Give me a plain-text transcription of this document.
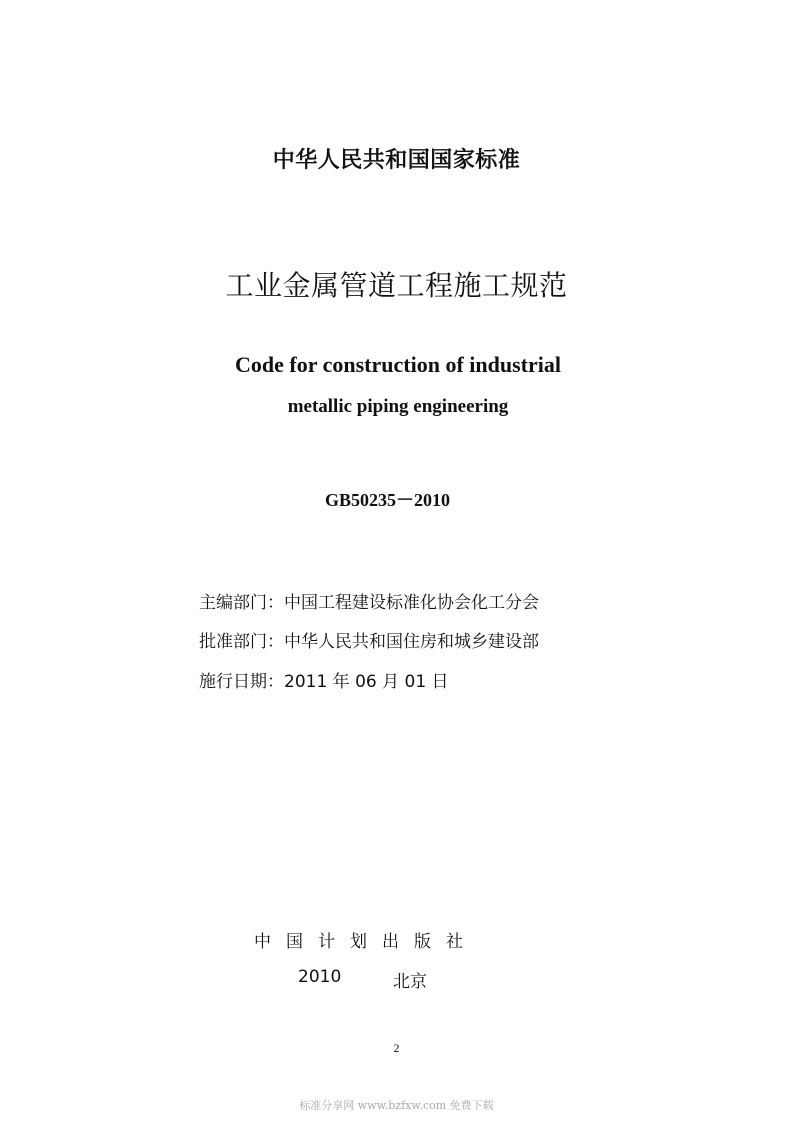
中华人民共和国国家标准
工业金属管道工程施工规范
Code for construction of industrial
metallic piping engineering
GB50235－2010
主编部门：中国工程建设标准化协会化工分会
批准部门：中华人民共和国住房和城乡建设部
施行日期：2011 年 06 月 01 日
中国计划出版社
2010	北京
2
标准分享网 www.bzfxw.com 免费下载
